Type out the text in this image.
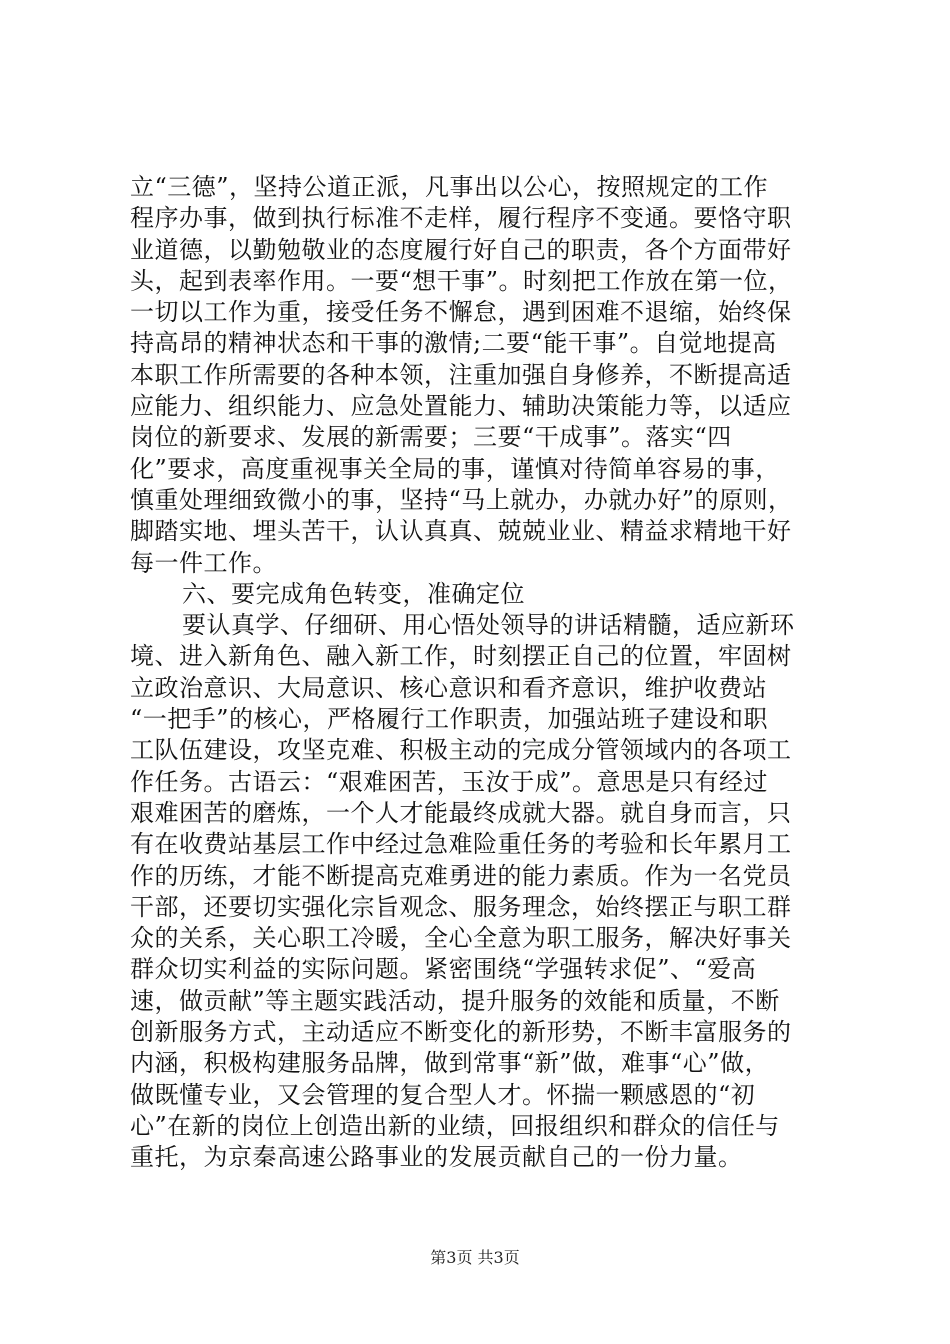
立“三德”，坚持公道正派，凡事出以公心，按照规定的工作
程序办事，做到执行标准不走样，履行程序不变通。要恪守职
业道德，以勤勉敬业的态度履行好自己的职责，各个方面带好
头，起到表率作用。一要“想干事”。时刻把工作放在第一位，
一切以工作为重，接受任务不懈怠，遇到困难不退缩，始终保
持高昂的精神状态和干事的激情;二要“能干事”。自觉地提高
本职工作所需要的各种本领，注重加强自身修养，不断提高适
应能力、组织能力、应急处置能力、辅助决策能力等，以适应
岗位的新要求、发展的新需要；三要“干成事”。落实“四
化”要求，高度重视事关全局的事，谨慎对待简单容易的事，
慎重处理细致微小的事，坚持“马上就办，办就办好”的原则，
脚踏实地、埋头苦干，认认真真、兢兢业业、精益求精地干好
每一件工作。
六、要完成角色转变，准确定位
要认真学、仔细研、用心悟处领导的讲话精髓，适应新环
境、进入新角色、融入新工作，时刻摆正自己的位置，牢固树
立政治意识、大局意识、核心意识和看齐意识，维护收费站
“一把手”的核心，严格履行工作职责，加强站班子建设和职
工队伍建设，攻坚克难、积极主动的完成分管领域内的各项工
作任务。古语云：“艰难困苦，玉汝于成”。意思是只有经过
艰难困苦的磨炼，一个人才能最终成就大器。就自身而言，只
有在收费站基层工作中经过急难险重任务的考验和长年累月工
作的历练，才能不断提高克难勇进的能力素质。作为一名党员
干部，还要切实强化宗旨观念、服务理念，始终摆正与职工群
众的关系，关心职工冷暖，全心全意为职工服务，解决好事关
群众切实利益的实际问题。紧密围绕“学强转求促”、“爱高
速，做贡献”等主题实践活动，提升服务的效能和质量，不断
创新服务方式，主动适应不断变化的新形势，不断丰富服务的
内涵，积极构建服务品牌，做到常事“新”做，难事“心”做，
做既懂专业，又会管理的复合型人才。怀揣一颗感恩的“初
心”在新的岗位上创造出新的业绩，回报组织和群众的信任与
重托，为京秦高速公路事业的发展贡献自己的一份力量。
第3页 共3页
